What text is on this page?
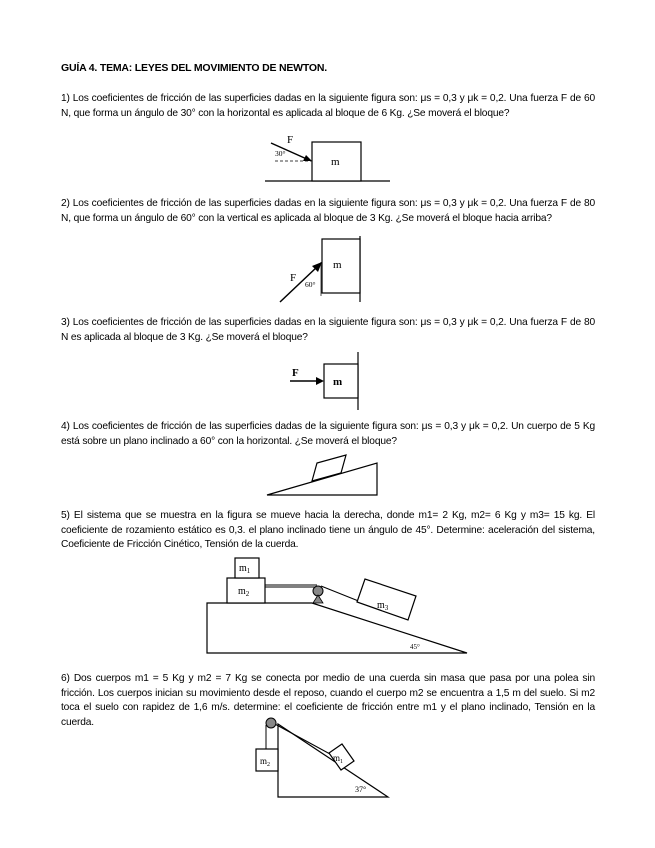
GUÍA 4. TEMA: LEYES DEL MOVIMIENTO DE NEWTON.
1) Los coeficientes de fricción de las superficies dadas en la siguiente figura son: μs = 0,3 y μk = 0,2. Una fuerza F de 60 N, que forma un ángulo de 30° con la horizontal es aplicada al bloque de 6 Kg. ¿Se moverá el bloque?
m
F
30°
2) Los coeficientes de fricción de las superficies dadas en la siguiente figura son: μs = 0,3 y μk = 0,2. Una fuerza F de 80 N, que forma un ángulo de 60° con la vertical es aplicada al bloque de 3 Kg. ¿Se moverá el bloque hacia arriba?
m
F
60°
3) Los coeficientes de fricción de las superficies dadas en la siguiente figura son: μs = 0,3 y μk = 0,2. Una fuerza F de 80 N es aplicada al bloque de 3 Kg. ¿Se moverá el bloque?
m
F
4) Los coeficientes de fricción de las superficies dadas de la siguiente figura son: μs = 0,3 y μk = 0,2. Un cuerpo de 5 Kg está sobre un plano inclinado a 60° con la horizontal. ¿Se moverá el bloque?
5) El sistema que se muestra en la figura se mueve hacia la derecha, donde m1= 2 Kg, m2= 6 Kg y m3= 15 kg. El coeficiente de rozamiento estático es 0,3. el plano inclinado tiene un ángulo de 45°. Determine: aceleración del sistema, Coeficiente de Fricción Cinético, Tensión de la cuerda.
$m_2$
$m_1$
$m_3$
45°
6) Dos cuerpos m1 = 5 Kg y m2 = 7 Kg se conecta por medio de una cuerda sin masa que pasa por una polea sin fricción. Los cuerpos inician su movimiento desde el reposo, cuando el cuerpo m2 se encuentra a 1,5 m del suelo. Si m2 toca el suelo con rapidez de 1,6 m/s. determine: el coeficiente de fricción entre m1 y el plano inclinado, Tensión en la cuerda.
$m_2$
$m_1$
37°
